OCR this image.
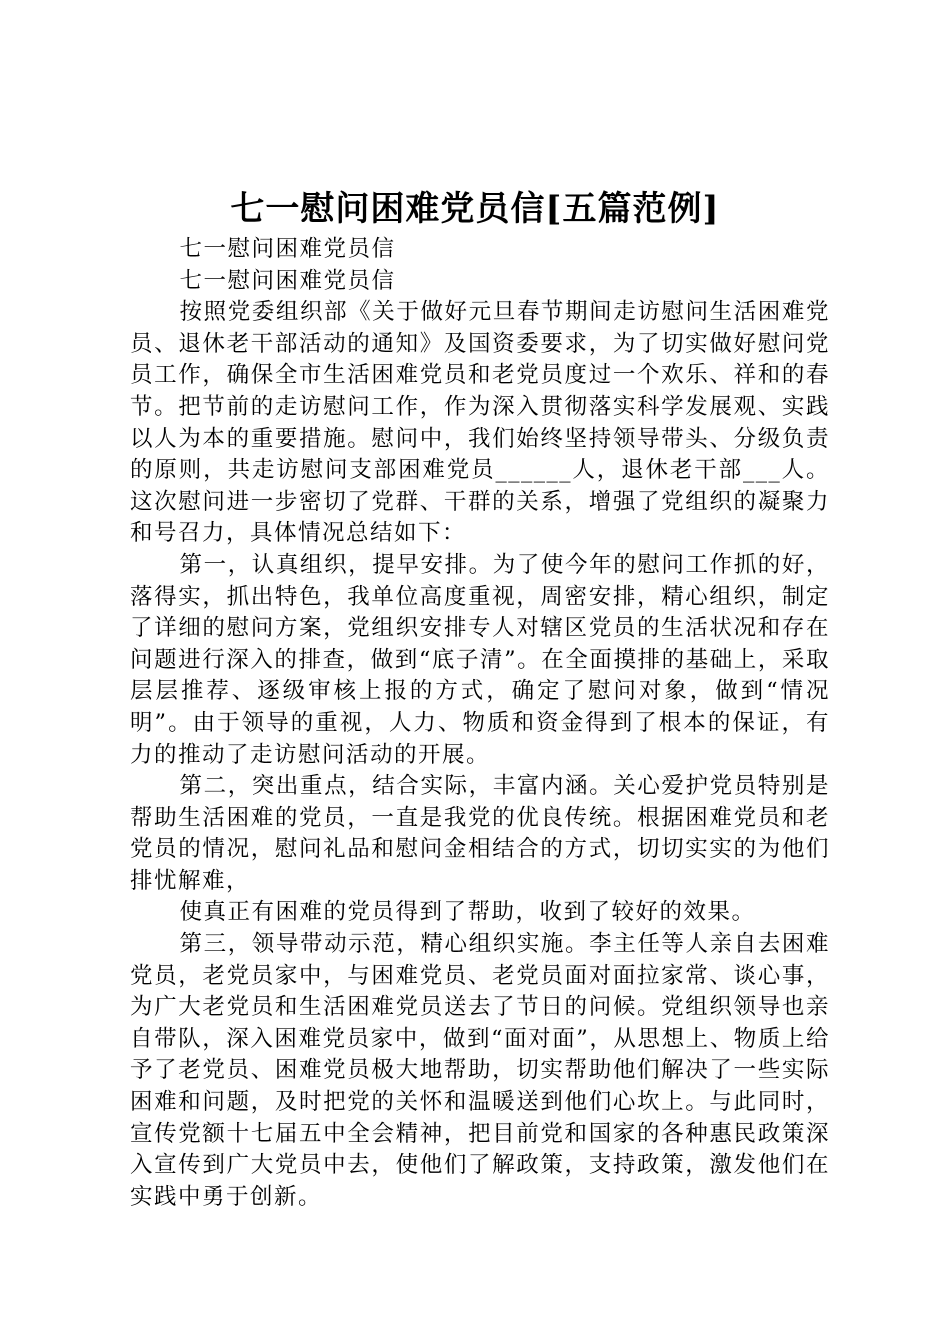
七一慰问困难党员信[五篇范例]

七一慰问困难党员信

七一慰问困难党员信

按照党委组织部《关于做好元旦春节期间走访慰问生活困难党员、退休老干部活动的通知》及国资委要求，为了切实做好慰问党员工作，确保全市生活困难党员和老党员度过一个欢乐、祥和的春节。把节前的走访慰问工作，作为深入贯彻落实科学发展观、实践以人为本的重要措施。慰问中，我们始终坚持领导带头、分级负责的原则，共走访慰问支部困难党员______人，退休老干部___人。这次慰问进一步密切了党群、干群的关系，增强了党组织的凝聚力和号召力，具体情况总结如下：

第一，认真组织，提早安排。为了使今年的慰问工作抓的好，落得实，抓出特色，我单位高度重视，周密安排，精心组织，制定了详细的慰问方案，党组织安排专人对辖区党员的生活状况和存在问题进行深入的排查，做到“底子清”。在全面摸排的基础上，采取层层推荐、逐级审核上报的方式，确定了慰问对象，做到“情况明”。由于领导的重视，人力、物质和资金得到了根本的保证，有力的推动了走访慰问活动的开展。

第二，突出重点，结合实际，丰富内涵。关心爱护党员特别是帮助生活困难的党员，一直是我党的优良传统。根据困难党员和老党员的情况，慰问礼品和慰问金相结合的方式，切切实实的为他们排忧解难，

使真正有困难的党员得到了帮助，收到了较好的效果。

第三，领导带动示范，精心组织实施。李主任等人亲自去困难党员，老党员家中，与困难党员、老党员面对面拉家常、谈心事，为广大老党员和生活困难党员送去了节日的问候。党组织领导也亲自带队，深入困难党员家中，做到“面对面”，从思想上、物质上给予了老党员、困难党员极大地帮助，切实帮助他们解决了一些实际困难和问题，及时把党的关怀和温暖送到他们心坎上。与此同时，宣传党额十七届五中全会精神，把目前党和国家的各种惠民政策深入宣传到广大党员中去，使他们了解政策，支持政策，激发他们在实践中勇于创新。
